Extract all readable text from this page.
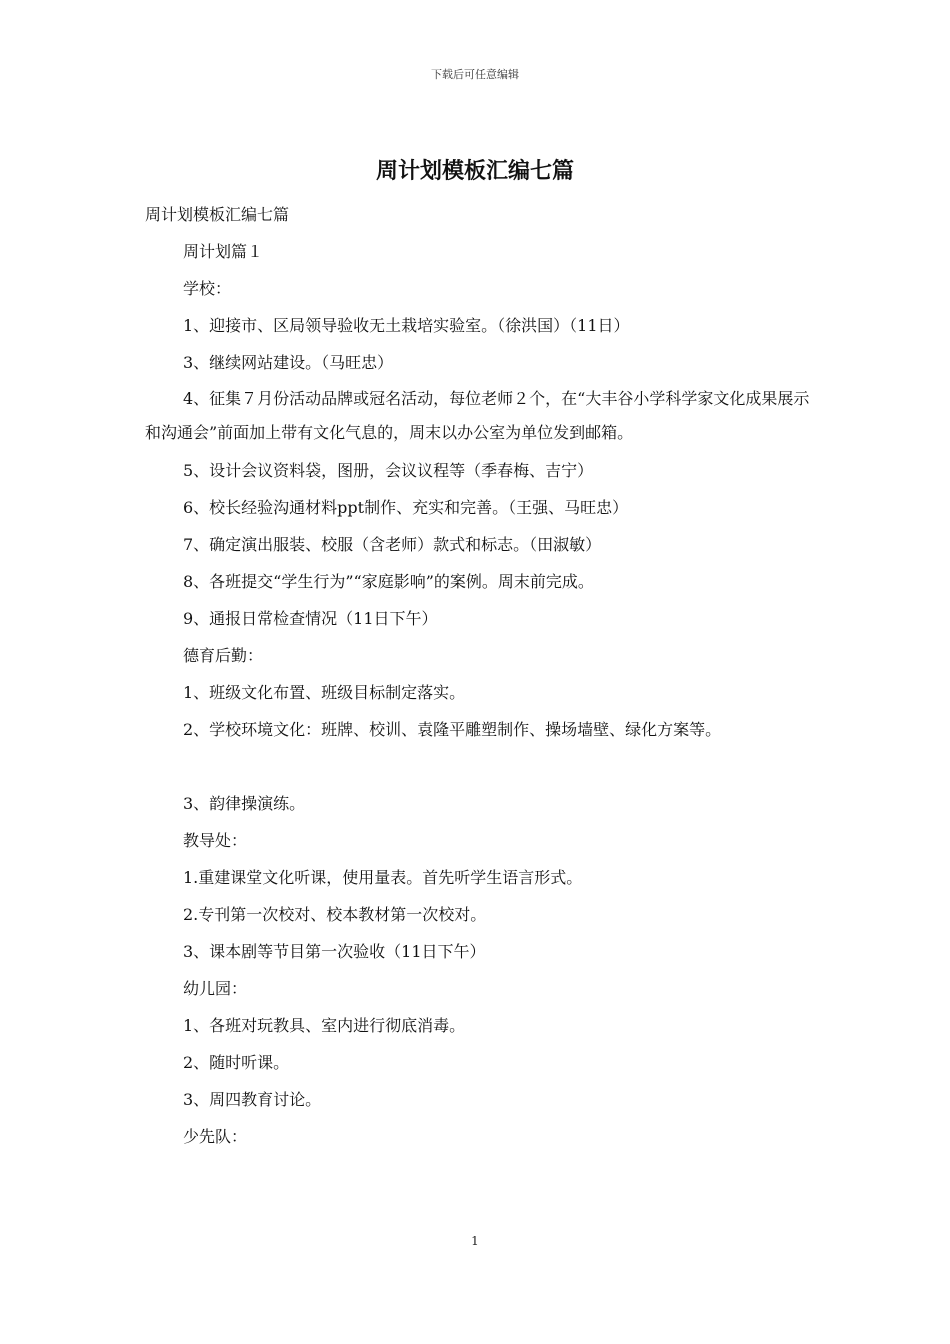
下载后可任意编辑
周计划模板汇编七篇

周计划模板汇编七篇

周计划篇１

学校：

1、迎接市、区局领导验收无土栽培实验室。（徐洪国）（11日）

3、继续网站建设。（马旺忠）

4、征集７月份活动品牌或冠名活动，每位老师２个，在“大丰谷小学科学家文化成果展示和沟通会”前面加上带有文化气息的，周末以办公室为单位发到邮箱。

5、设计会议资料袋，图册，会议议程等（季春梅、吉宁）

6、校长经验沟通材料ppt制作、充实和完善。（王强、马旺忠）

7、确定演出服装、校服（含老师）款式和标志。（田淑敏）

8、各班提交“学生行为”“家庭影响”的案例。周末前完成。

9、通报日常检查情况（11日下午）

德育后勤：

1、班级文化布置、班级目标制定落实。

2、学校环境文化：班牌、校训、袁隆平雕塑制作、操场墙壁、绿化方案等。

3、韵律操演练。

教导处：

1.重建课堂文化听课，使用量表。首先听学生语言形式。

2.专刊第一次校对、校本教材第一次校对。

3、课本剧等节目第一次验收（11日下午）

幼儿园：

1、各班对玩教具、室内进行彻底消毒。

2、随时听课。

3、周四教育讨论。

少先队：

1
